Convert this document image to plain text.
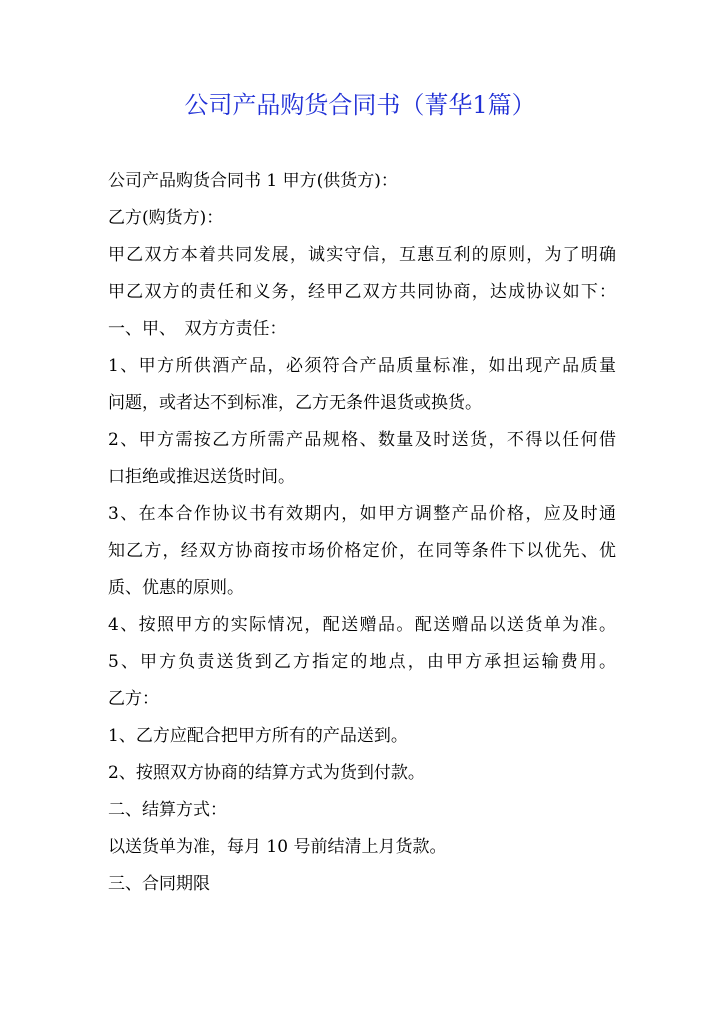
公司产品购货合同书（菁华1篇）
公司产品购货合同书 1 甲方(供货方)：
乙方(购货方)：
甲乙双方本着共同发展，诚实守信，互惠互利的原则，为了明确
甲乙双方的责任和义务，经甲乙双方共同协商，达成协议如下：
一、甲、　双方方责任：
1、甲方所供酒产品，必须符合产品质量标准，如出现产品质量
问题，或者达不到标准，乙方无条件退货或换货。
2、甲方需按乙方所需产品规格、数量及时送货，不得以任何借
口拒绝或推迟送货时间。
3、在本合作协议书有效期内，如甲方调整产品价格，应及时通
知乙方，经双方协商按市场价格定价，在同等条件下以优先、优
质、优惠的原则。
4、按照甲方的实际情况，配送赠品。配送赠品以送货单为准。
5、甲方负责送货到乙方指定的地点，由甲方承担运输费用。
乙方：
1、乙方应配合把甲方所有的产品送到。
2、按照双方协商的结算方式为货到付款。
二、结算方式：
以送货单为准，每月 10 号前结清上月货款。
三、合同期限
